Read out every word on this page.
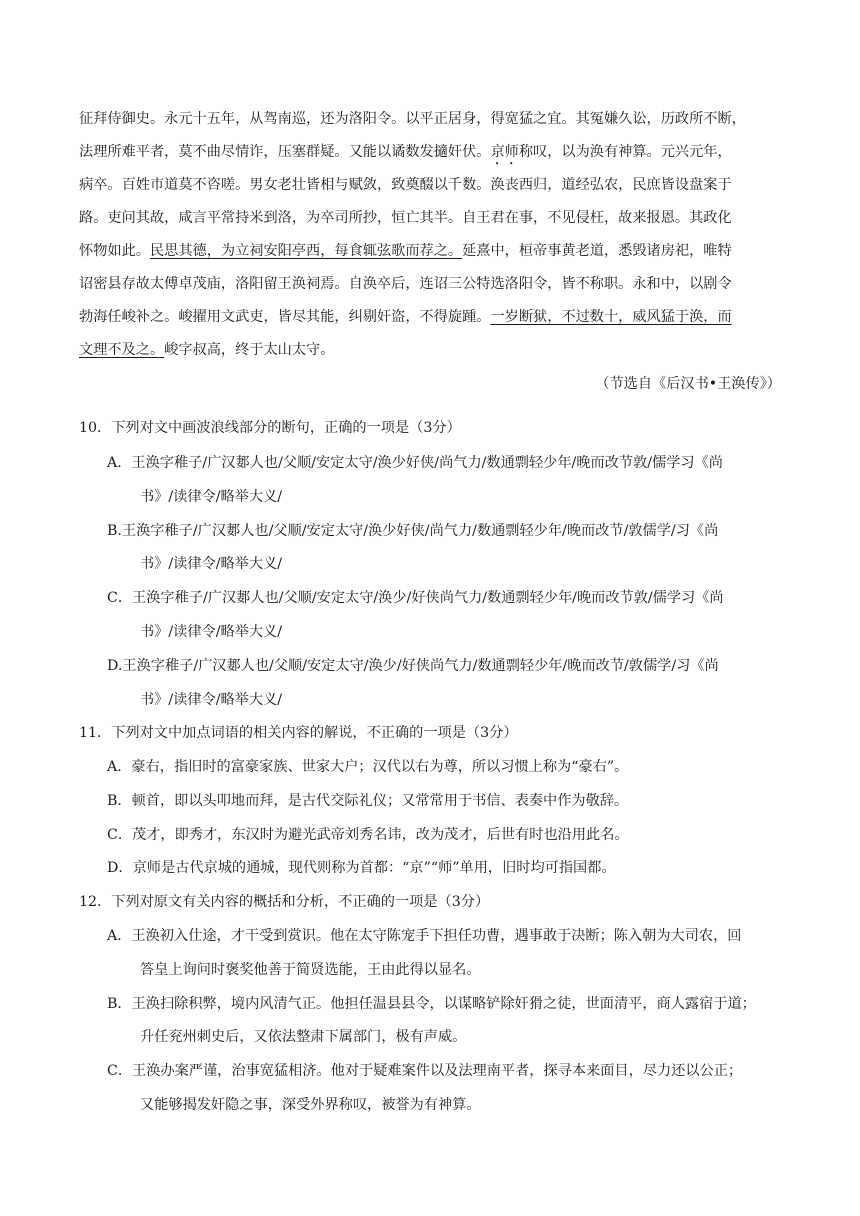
征拜侍御史。永元十五年，从驾南巡，还为洛阳令。以平正居身，得宽猛之宜。其冤嫌久讼，历政所不断，
法理所难平者，莫不曲尽情诈，压塞群疑。又能以谲数发擿奸伏。京师称叹，以为涣有神算。元兴元年，
病卒。百姓市道莫不咨嗟。男女老壮皆相与赋敛，致奠醊以千数。涣丧西归，道经弘农，民庶皆设盘案于
路。吏问其故，咸言平常持米到洛，为卒司所抄，恒亡其半。自王君在事，不见侵枉，故来报恩。其政化
怀物如此。民思其德，为立祠安阳亭西，每食辄弦歌而荐之。延熹中，桓帝事黄老道，悉毁诸房祀，唯特
诏密县存故太傅卓茂庙，洛阳留王涣祠焉。自涣卒后，连诏三公特选洛阳令，皆不称职。永和中，以剧令
勃海任峻补之。峻擢用文武吏，皆尽其能，纠剔奸盗，不得旋踵。一岁断狱，不过数十，威风猛于涣，而
文理不及之。峻字叔高，终于太山太守。
（节选自《后汉书•王涣传》）
10．下列对文中画波浪线部分的断句，正确的一项是（3分）
A．王涣字稚子/广汉郪人也/父顺/安定太守/涣少好侠/尚气力/数通剽轻少年/晚而改节敦/儒学习《尚
书》/读律令/略举大义/
B.王涣字稚子/广汉郪人也/父顺/安定太守/涣少好侠/尚气力/数通剽轻少年/晚而改节/敦儒学/习《尚
书》/读律令/略举大义/
C．王涣字稚子/广汉郪人也/父顺/安定太守/涣少/好侠尚气力/数通剽轻少年/晚而改节敦/儒学习《尚
书》/读律令/略举大义/
D.王涣字稚子/广汉郪人也/父顺/安定太守/涣少/好侠尚气力/数通剽轻少年/晚而改节/敦儒学/习《尚
书》/读律令/略举大义/
11．下列对文中加点词语的相关内容的解说，不正确的一项是（3分）
A．豪右，指旧时的富豪家族、世家大户；汉代以右为尊，所以习惯上称为“豪右”。
B．顿首，即以头叩地而拜，是古代交际礼仪；又常常用于书信、表奏中作为敬辞。
C．茂才，即秀才，东汉时为避光武帝刘秀名讳，改为茂才，后世有时也沿用此名。
D．京师是古代京城的通城，现代则称为首都：“京”“师”单用，旧时均可指国都。
12．下列对原文有关内容的概括和分析，不正确的一项是（3分）
A．王涣初入仕途，才干受到赏识。他在太守陈宠手下担任功曹，遇事敢于决断；陈入朝为大司农，回
答皇上询问时褒奖他善于简贤选能，王由此得以显名。
B．王涣扫除积弊，境内风清气正。他担任温县县令，以谋略铲除奸猾之徒，世面清平，商人露宿于道；
升任兖州刺史后，又依法整肃下属部门，极有声威。
C．王涣办案严谨，治事宽猛相济。他对于疑难案件以及法理南平者，探寻本来面目，尽力还以公正；
又能够揭发奸隐之事，深受外界称叹，被誉为有神算。
